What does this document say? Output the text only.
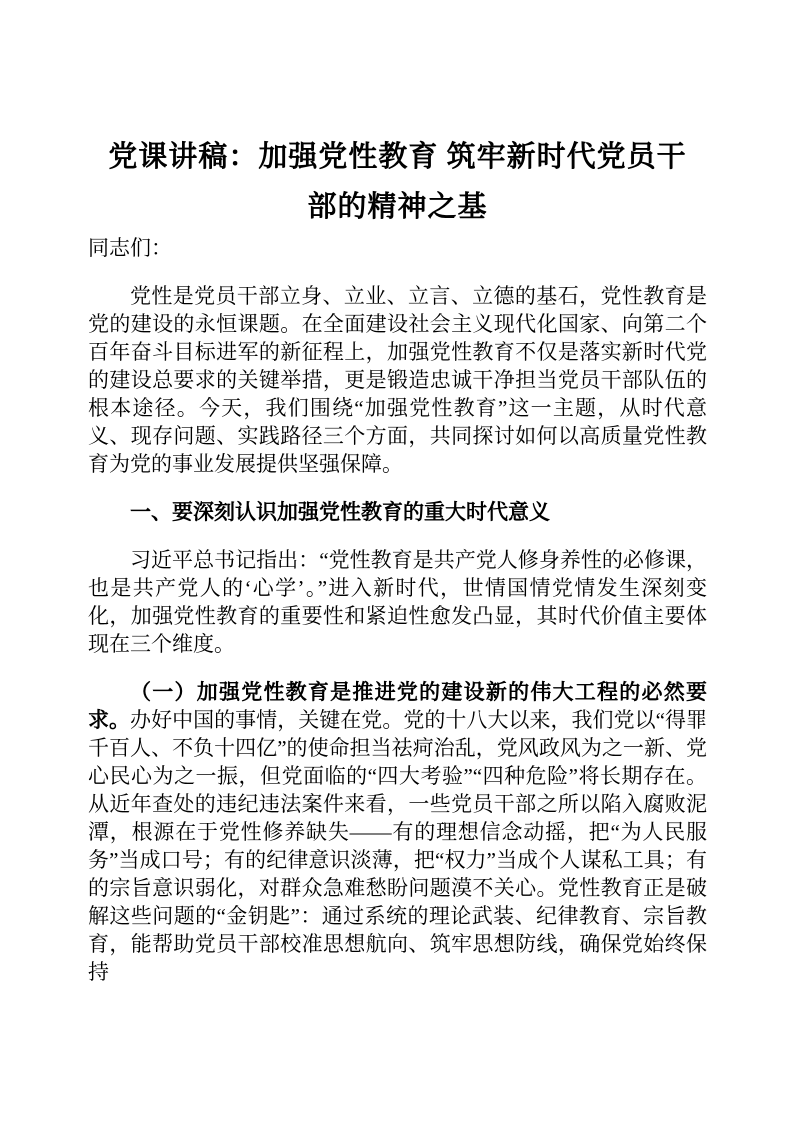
党课讲稿：加强党性教育 筑牢新时代党员干
部的精神之基

同志们：

党性是党员干部立身、立业、立言、立德的基石，党性教育是党的建设的永恒课题。在全面建设社会主义现代化国家、向第二个百年奋斗目标进军的新征程上，加强党性教育不仅是落实新时代党的建设总要求的关键举措，更是锻造忠诚干净担当党员干部队伍的根本途径。今天，我们围绕“加强党性教育”这一主题，从时代意义、现存问题、实践路径三个方面，共同探讨如何以高质量党性教育为党的事业发展提供坚强保障。

一、要深刻认识加强党性教育的重大时代意义

习近平总书记指出：“党性教育是共产党人修身养性的必修课，也是共产党人的‘心学’。”进入新时代，世情国情党情发生深刻变化，加强党性教育的重要性和紧迫性愈发凸显，其时代价值主要体现在三个维度。

（一）加强党性教育是推进党的建设新的伟大工程的必然要求。办好中国的事情，关键在党。党的十八大以来，我们党以“得罪千百人、不负十四亿”的使命担当祛疴治乱，党风政风为之一新、党心民心为之一振，但党面临的“四大考验”“四种危险”将长期存在。从近年查处的违纪违法案件来看，一些党员干部之所以陷入腐败泥潭，根源在于党性修养缺失——有的理想信念动摇，把“为人民服务”当成口号；有的纪律意识淡薄，把“权力”当成个人谋私工具；有的宗旨意识弱化，对群众急难愁盼问题漠不关心。党性教育正是破解这些问题的“金钥匙”：通过系统的理论武装、纪律教育、宗旨教育，能帮助党员干部校准思想航向、筑牢思想防线，确保党始终保持
